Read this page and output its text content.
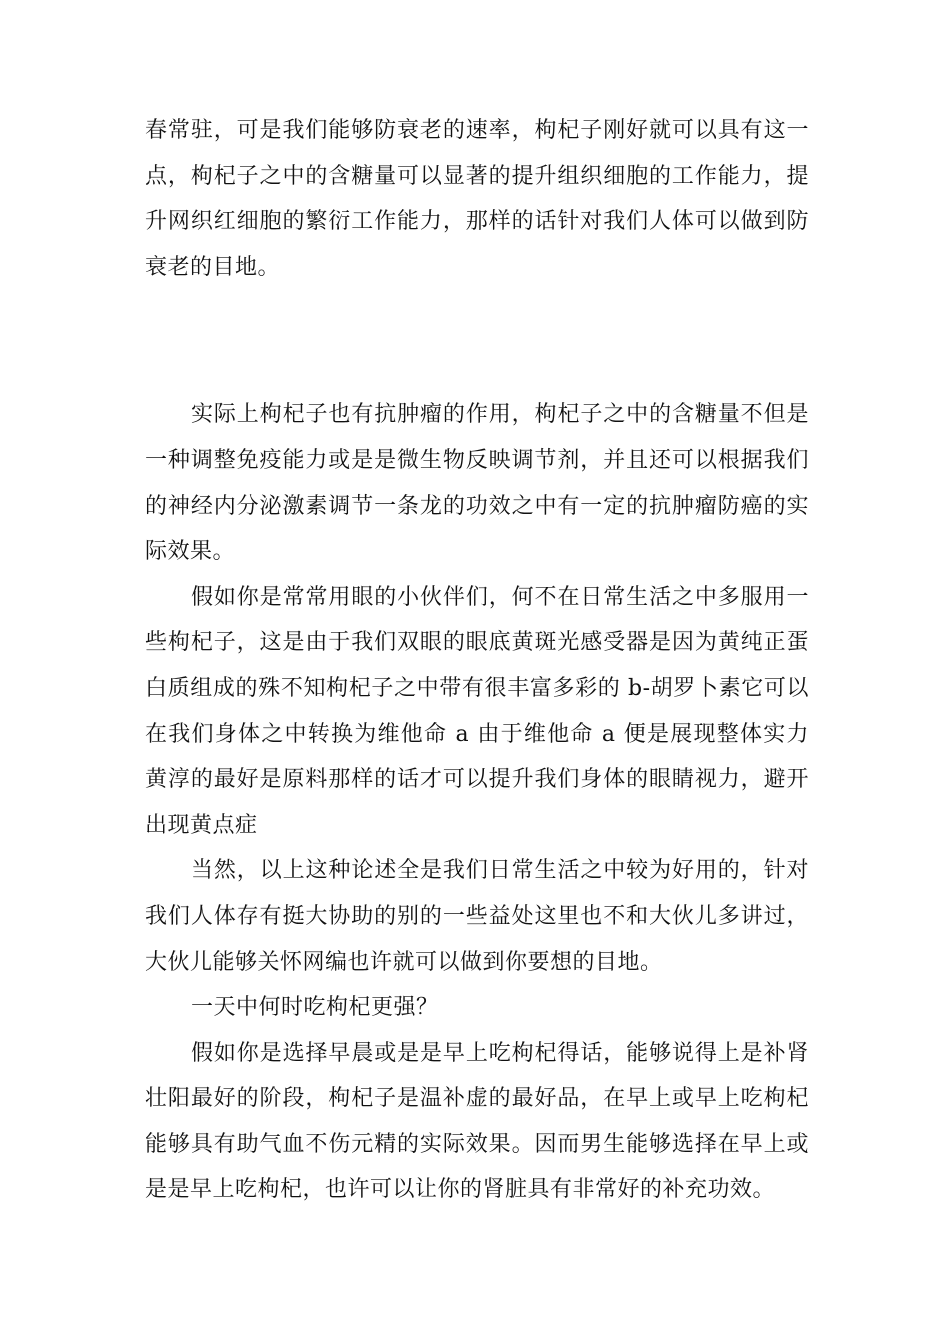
春常驻，可是我们能够防衰老的速率，枸杞子刚好就可以具有这一点，枸杞子之中的含糖量可以显著的提升组织细胞的工作能力，提升网织红细胞的繁衍工作能力，那样的话针对我们人体可以做到防衰老的目地。

实际上枸杞子也有抗肿瘤的作用，枸杞子之中的含糖量不但是一种调整免疫能力或是是微生物反映调节剂，并且还可以根据我们的神经内分泌激素调节一条龙的功效之中有一定的抗肿瘤防癌的实际效果。

假如你是常常用眼的小伙伴们，何不在日常生活之中多服用一些枸杞子，这是由于我们双眼的眼底黄斑光感受器是因为黄纯正蛋白质组成的殊不知枸杞子之中带有很丰富多彩的 b-胡罗卜素它可以在我们身体之中转换为维他命 a 由于维他命 a 便是展现整体实力黄淳的最好是原料那样的话才可以提升我们身体的眼睛视力，避开出现黄点症

当然，以上这种论述全是我们日常生活之中较为好用的，针对我们人体存有挺大协助的别的一些益处这里也不和大伙儿多讲过，大伙儿能够关怀网编也许就可以做到你要想的目地。

一天中何时吃枸杞更强？

假如你是选择早晨或是是早上吃枸杞得话，能够说得上是补肾壮阳最好的阶段，枸杞子是温补虚的最好品，在早上或早上吃枸杞能够具有助气血不伤元精的实际效果。因而男生能够选择在早上或是是早上吃枸杞，也许可以让你的肾脏具有非常好的补充功效。
